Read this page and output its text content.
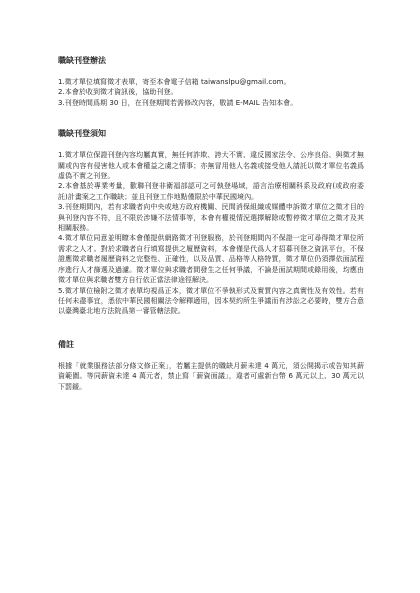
職缺刊登辦法

1.徵才單位填寫徵才表單，寄至本會電子信箱 taiwanslpu@gmail.com。

2.本會於收到徵才資訊後，協助刊登。

3.刊登時間爲期 30 日，在刊登期間若需修改內容，敬請 E-MAIL 告知本會。

職缺刊登須知

1.徵才單位保證刊登內容均屬真實，無任何詐欺、誇大不實、違反國家法令、公序良俗、與徵才無關或內容有侵害他人或本會權益之虞之情事；亦無冒用他人名義或接受他人請託以徵才單位名義爲虛偽不實之刊登。

2.本會基於專業考量，歡聯刊登非衛福部認可之可執登場域，語言治療相關科系及政府(或政府委託)計畫案之工作職缺；並且刊登工作地點僅限於中華民國境內。

3.刊登期間內，若有求職者向中央或地方政府機關、民間消保組織或媒體申訴徵才單位之徵才目的與刊登內容不符，且不限於涉嫌不法情事等，本會有權視情況選擇解除或暫停徵才單位之徵才及其相關服務。

4.徵才單位同意並明瞭本會僅提供網路徵才刊登服務，於刊登期間內不保證一定可尋得徵才單位所需求之人才。對於求職者自行填寫提供之履歷資料，本會僅是代爲人才招募刊登之資訊平台，不保證應徵求職者履歷資料之完整性、正確性，以及品質、品格等人格特質，徵才單位仍須擇依面試程序進行人才篩選及過濾。徵才單位與求職者間發生之任何爭議，不論是面試期間或錄用後，均應由徵才單位與求職者雙方自行依正當法律途徑解決。

5.徵才單位檢附之徵才表單均視爲正本，徵才單位不爭執形式及實質內容之真實性及有效性。若有任何未盡事宜，悉依中華民國相關法令解釋適用，因本契約所生爭議而有涉訟之必要時，雙方合意以臺灣臺北地方法院爲第一審管轄法院。

備註

根據「就業服務法部分條文修正案」，若屬主提供的職缺月薪未達 4 萬元，須公開揭示或告知其薪資範圍。等同薪資未達 4 萬元者，禁止寫「薪資面議」，違者可處新台幣 6 萬元以上、30 萬元以下罰鍰。
